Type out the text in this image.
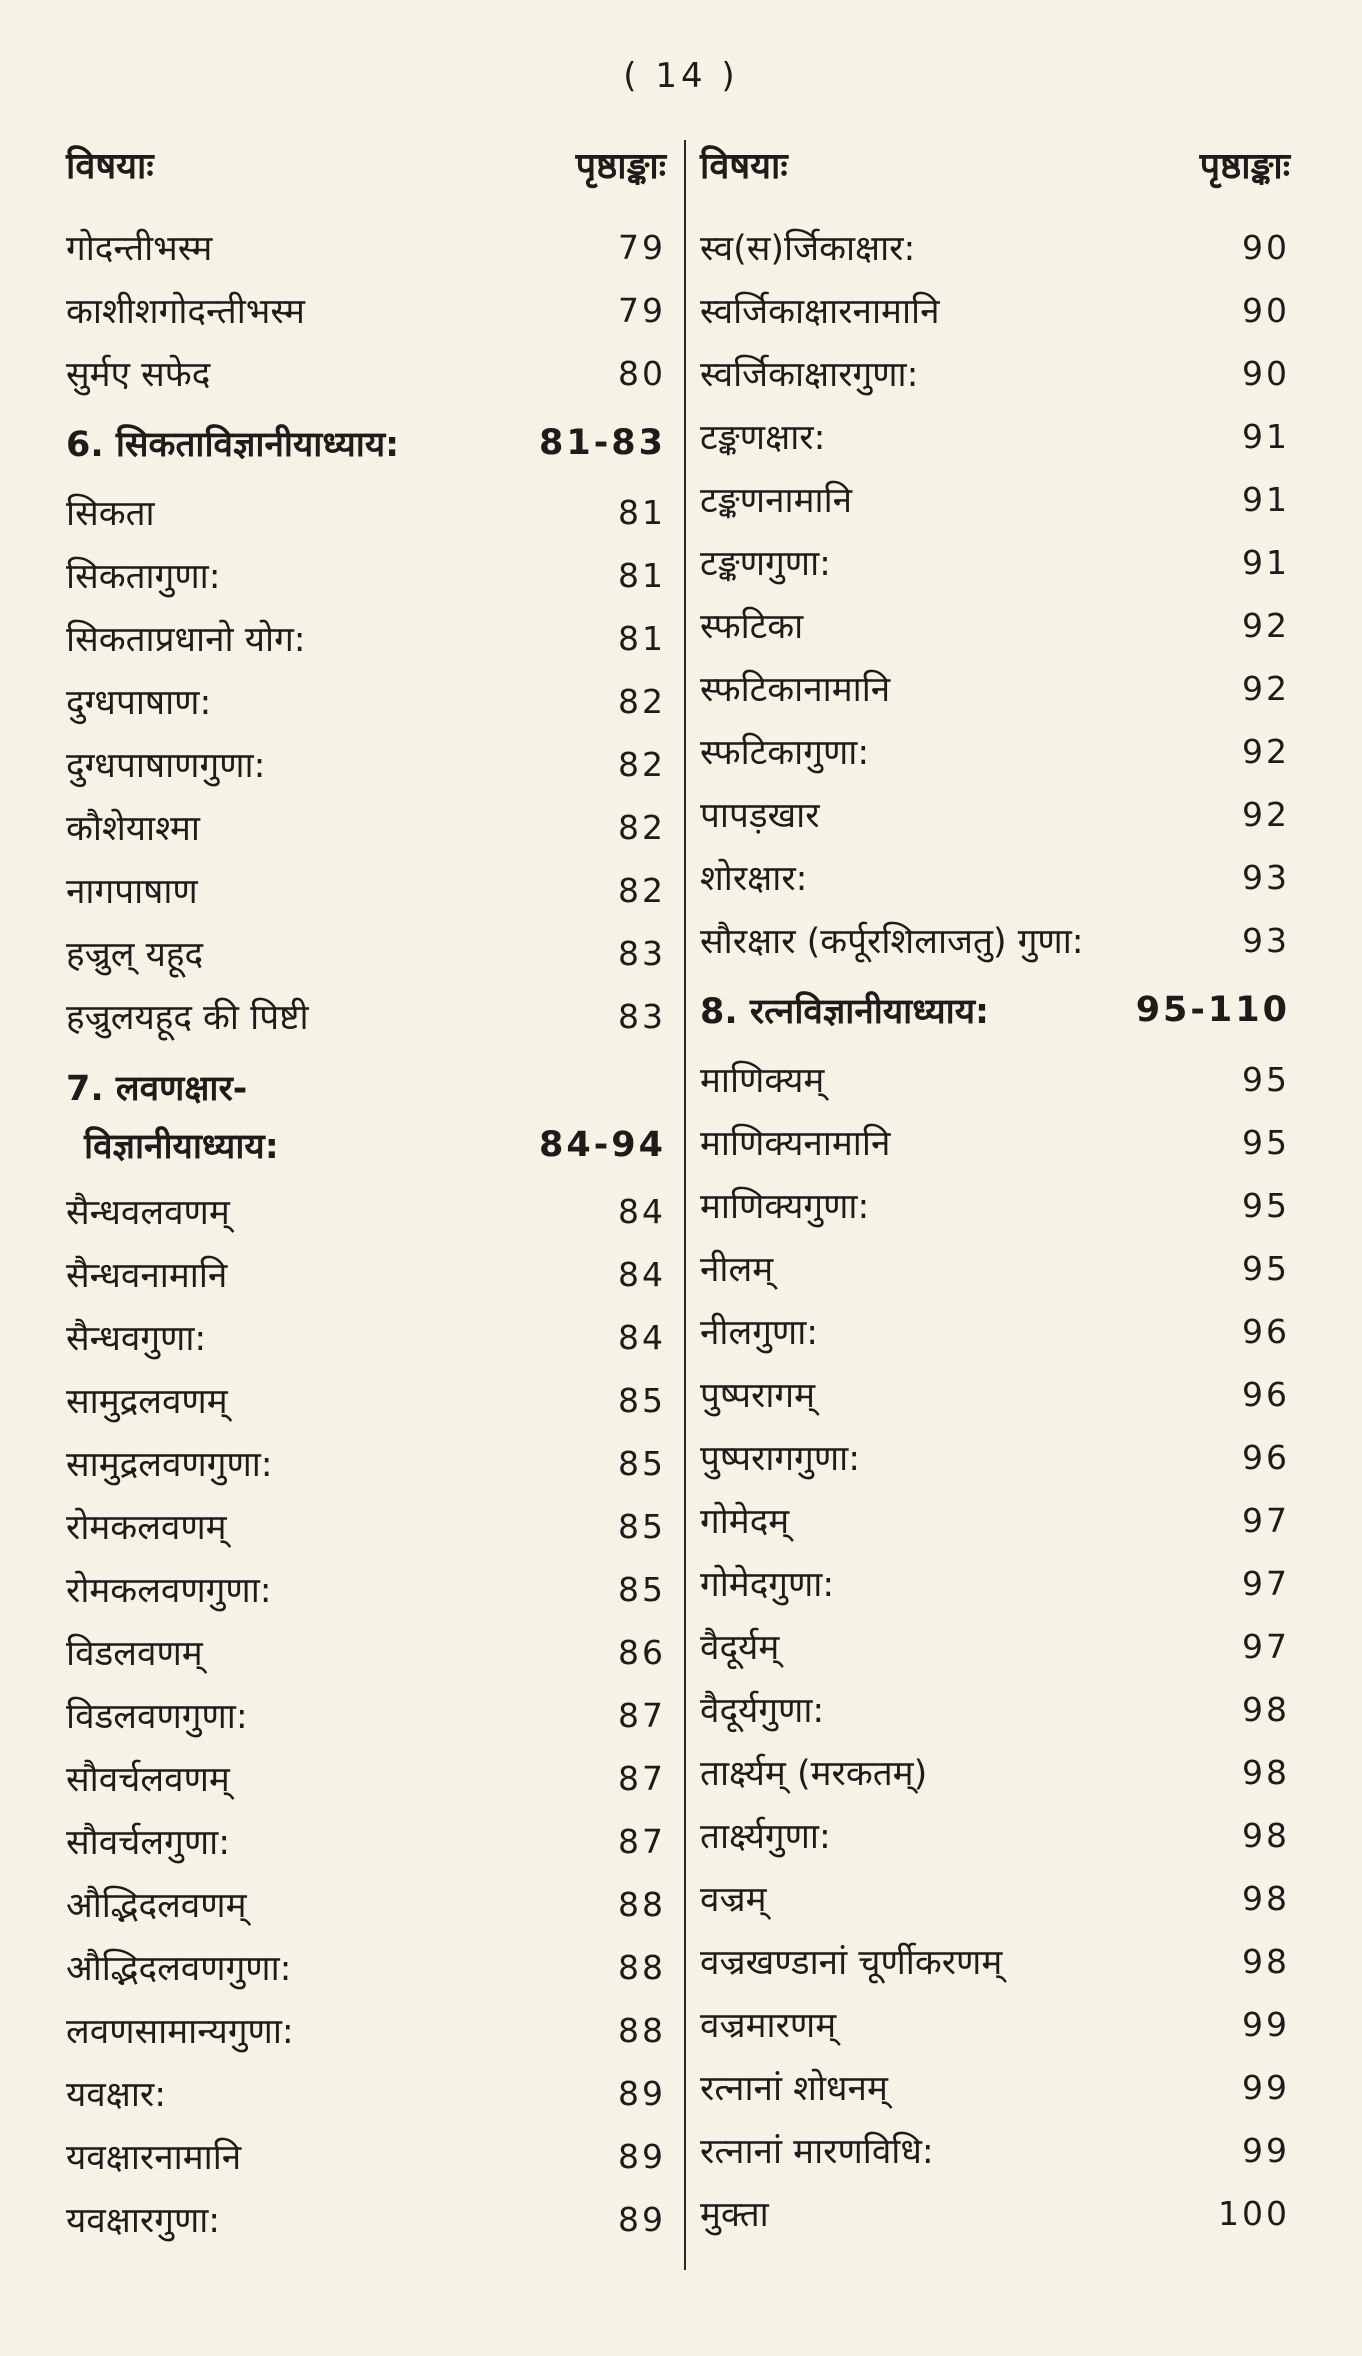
( 14 )
विषयाः	पृष्ठाङ्काः
गोदन्तीभस्म	79
काशीशगोदन्तीभस्म	79
सुर्मए सफेद	80
6. सिकताविज्ञानीयाध्याय:	81-83
सिकता	81
सिकतागुणा:	81
सिकताप्रधानो योग:	81
दुग्धपाषाण:	82
दुग्धपाषाणगुणा:	82
कौशेयाश्मा	82
नागपाषाण	82
हज्रुल् यहूद	83
हज्रुलयहूद की पिष्टी	83
7. लवणक्षार-
विज्ञानीयाध्याय:	84-94
सैन्धवलवणम्	84
सैन्धवनामानि	84
सैन्धवगुणा:	84
सामुद्रलवणम्	85
सामुद्रलवणगुणा:	85
रोमकलवणम्	85
रोमकलवणगुणा:	85
विडलवणम्	86
विडलवणगुणा:	87
सौवर्चलवणम्	87
सौवर्चलगुणा:	87
औद्भिदलवणम्	88
औद्भिदलवणगुणा:	88
लवणसामान्यगुणा:	88
यवक्षार:	89
यवक्षारनामानि	89
यवक्षारगुणा:	89
विषयाः	पृष्ठाङ्काः
स्व(स)र्जिकाक्षार:	90
स्वर्जिकाक्षारनामानि	90
स्वर्जिकाक्षारगुणा:	90
टङ्कणक्षार:	91
टङ्कणनामानि	91
टङ्कणगुणा:	91
स्फटिका	92
स्फटिकानामानि	92
स्फटिकागुणा:	92
पापड़खार	92
शोरक्षार:	93
सौरक्षार (कर्पूरशिलाजतु) गुणा:	93
8. रत्नविज्ञानीयाध्याय:	95-110
माणिक्यम्	95
माणिक्यनामानि	95
माणिक्यगुणा:	95
नीलम्	95
नीलगुणा:	96
पुष्परागम्	96
पुष्परागगुणा:	96
गोमेदम्	97
गोमेदगुणा:	97
वैदूर्यम्	97
वैदूर्यगुणा:	98
तार्क्ष्यम् (मरकतम्)	98
तार्क्ष्यगुणा:	98
वज्रम्	98
वज्रखण्डानां चूर्णीकरणम्	98
वज्रमारणम्	99
रत्नानां शोधनम्	99
रत्नानां मारणविधि:	99
मुक्ता	100
